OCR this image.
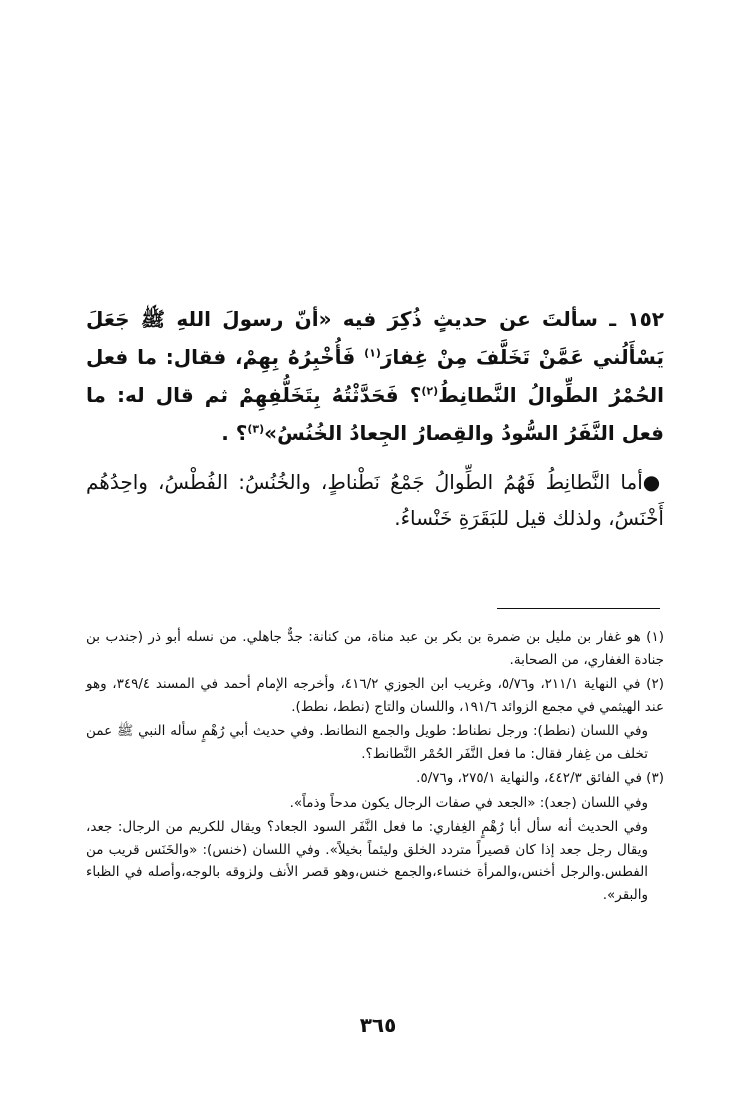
١٥٢ ـ سألتَ عن حديثٍ ذُكِرَ فيه «أنّ رسولَ اللهِ ﷺ جَعَلَ يَسْأَلُني عَمَّنْ تَخَلَّفَ مِنْ غِفارَ$^{(١)}$ فَأُخْبِرُهُ بِهِمْ، فقال: ما فعل الحُمْرُ الطِّوالُ النَّطانِطُ$^{(٢)}$؟ فَحَدَّثْتُهُ بِتَخَلُّفِهِمْ ثم قال له: ما فعل النَّفَرُ السُّودُ والقِصارُ الجِعادُ الخُنُسُ»$^{(٣)}$؟ .

●أما النَّطانِطُ فَهُمُ الطِّوالُ جَمْعُ نَطْناطٍ، والخُنُسُ: الفُطْسُ، واحِدُهُم أَخْنَسُ، ولذلك قيل للبَقَرَةِ خَنْساءُ.

(١) هو غفار بن مليل بن ضمرة بن بكر بن عبد مناة، من كنانة: جدٌّ جاهلي. من نسله أبو ذر (جندب بن جنادة الغفاري، من الصحابة.

(٢) في النهاية ٢١١/١، و٥/٧٦، وغريب ابن الجوزي ٤١٦/٢، وأخرجه الإمام أحمد في المسند ٣٤٩/٤، وهو عند الهيثمي في مجمع الزوائد ١٩١/٦، واللسان والتاج (نطط، نطط).

وفي اللسان (نطط): ورجل نطناط: طويل والجمع النطانط. وفي حديث أبي رُهْمٍ سأله النبي ﷺ عمن تخلف من غِفار فقال: ما فعل النَّفَر الحُمْر النَّطانط؟.

(٣) في الفائق ٤٤٢/٣، والنهاية ٢٧٥/١، و٥/٧٦.

وفي اللسان (جعد): «الجعد في صفات الرجال يكون مدحاً وذماً».

وفي الحديث أنه سأل أبا رُهْمٍ الغِفاري: ما فعل النَّفَر السود الجعاد؟ ويقال للكريم من الرجال: جعد، ويقال رجل جعد إذا كان قصيراً متردد الخلق وليئماً بخيلاً». وفي اللسان (خنس): «والخَنَس قريب من الفطس.والرجل أخنس،والمرأة خنساء،والجمع خنس،وهو قصر الأنف ولزوقه بالوجه،وأصله في الظباء والبقر».

٣٦٥
